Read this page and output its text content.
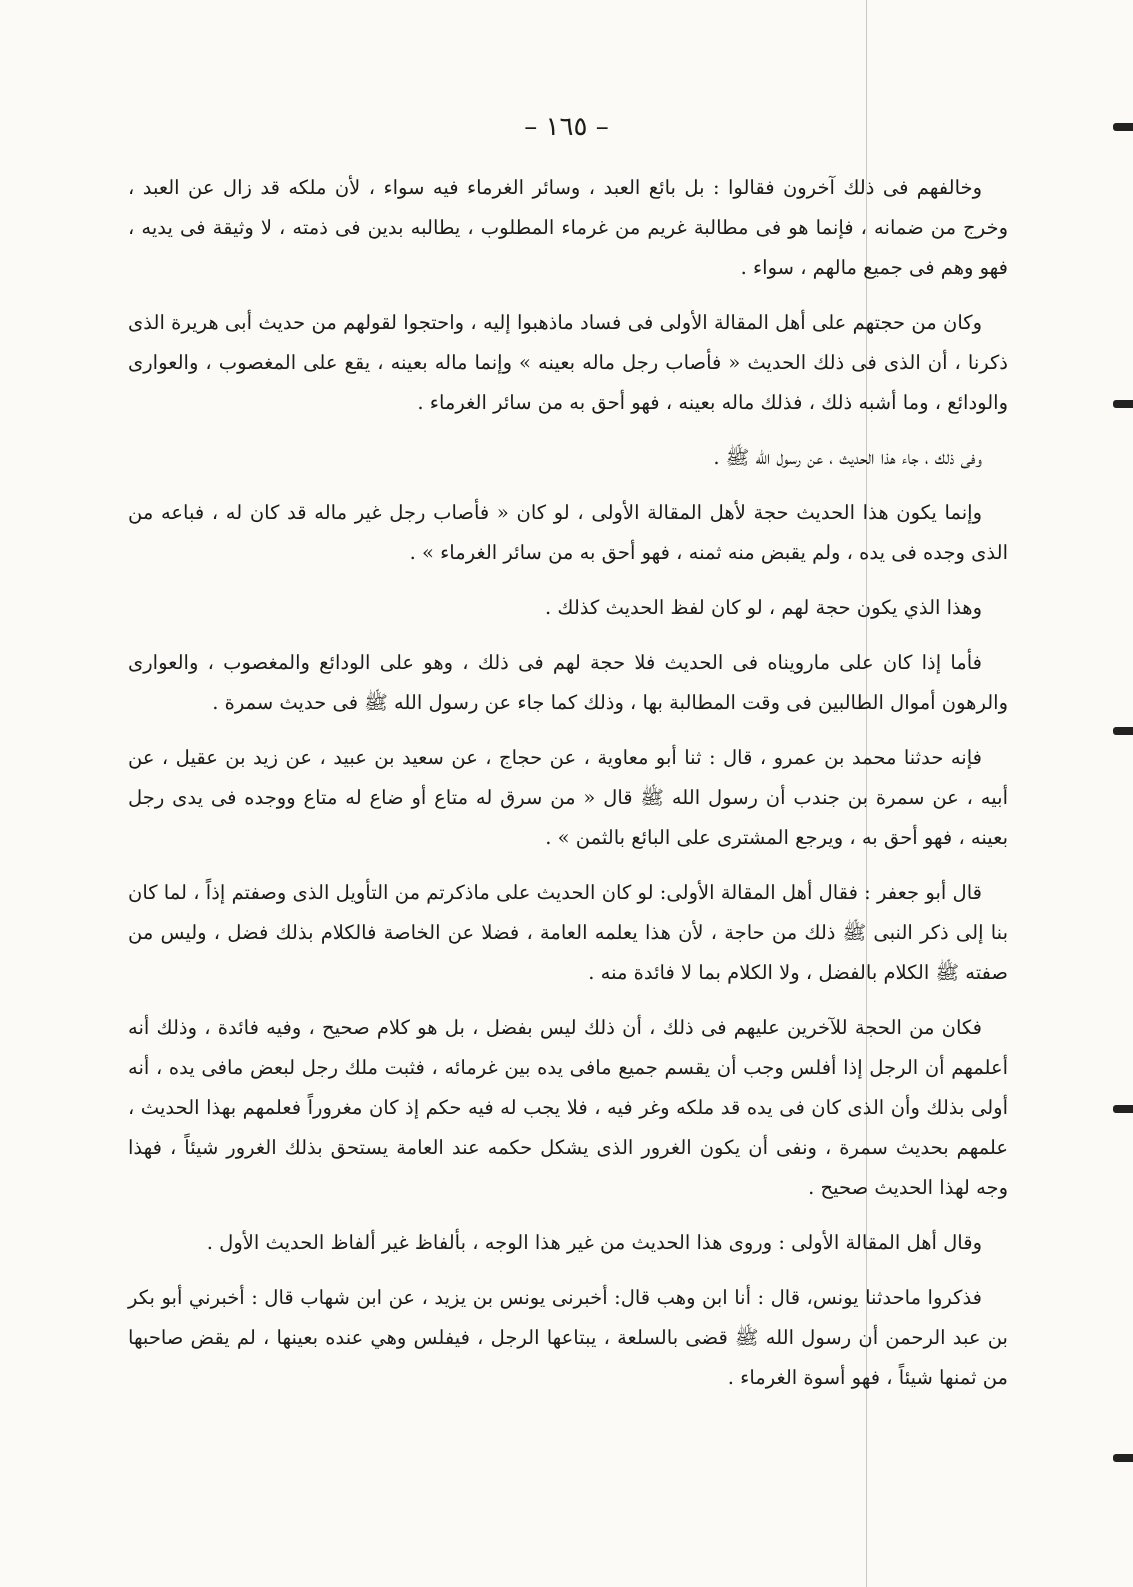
– ١٦٥ –

وخالفهم فى ذلك آخرون فقالوا : بل بائع العبد ، وسائر الغرماء فيه سواء ، لأن ملكه قد زال عن العبد ، وخرج من ضمانه ، فإنما هو فى مطالبة غريم من غرماء المطلوب ، يطالبه بدين فى ذمته ، لا وثيقة فى يديه ، فهو وهم فى جميع مالهم ، سواء .

وكان من حجتهم على أهل المقالة الأولى فى فساد ماذهبوا إليه ، واحتجوا لقولهم من حديث أبى هريرة الذى ذكرنا ، أن الذى فى ذلك الحديث « فأصاب رجل ماله بعينه » وإنما ماله بعينه ، يقع على المغصوب ، والعوارى والودائع ، وما أشبه ذلك ، فذلك ماله بعينه ، فهو أحق به من سائر الغرماء .

وفى ذلك ، جاء هذا الحديث ، عن رسول الله ﷺ .

وإنما يكون هذا الحديث حجة لأهل المقالة الأولى ، لو كان « فأصاب رجل غير ماله قد كان له ، فباعه من الذى وجده فى يده ، ولم يقبض منه ثمنه ، فهو أحق به من سائر الغرماء » .

وهذا الذي يكون حجة لهم ، لو كان لفظ الحديث كذلك .

فأما إذا كان على مارويناه فى الحديث فلا حجة لهم فى ذلك ، وهو على الودائع والمغصوب ، والعوارى والرهون أموال الطالبين فى وقت المطالبة بها ، وذلك كما جاء عن رسول الله ﷺ فى حديث سمرة .

فإنه حدثنا محمد بن عمرو ، قال : ثنا أبو معاوية ، عن حجاج ، عن سعيد بن عبيد ، عن زيد بن عقيل ، عن أبيه ، عن سمرة بن جندب أن رسول الله ﷺ قال « من سرق له متاع أو ضاع له متاع ووجده فى يدى رجل بعينه ، فهو أحق به ، ويرجع المشترى على البائع بالثمن » .

قال أبو جعفر : فقال أهل المقالة الأولى: لو كان الحديث على ماذكرتم من التأويل الذى وصفتم إذاً ، لما كان بنا إلى ذكر النبى ﷺ ذلك من حاجة ، لأن هذا يعلمه العامة ، فضلا عن الخاصة فالكلام بذلك فضل ، وليس من صفته ﷺ الكلام بالفضل ، ولا الكلام بما لا فائدة منه .

فكان من الحجة للآخرين عليهم فى ذلك ، أن ذلك ليس بفضل ، بل هو كلام صحيح ، وفيه فائدة ، وذلك أنه أعلمهم أن الرجل إذا أفلس وجب أن يقسم جميع مافى يده بين غرمائه ، فثبت ملك رجل لبعض مافى يده ، أنه أولى بذلك وأن الذى كان فى يده قد ملكه وغر فيه ، فلا يجب له فيه حكم إذ كان مغروراً فعلمهم بهذا الحديث ، علمهم بحديث سمرة ، ونفى أن يكون الغرور الذى يشكل حكمه عند العامة يستحق بذلك الغرور شيئاً ، فهذا وجه لهذا الحديث صحيح .

وقال أهل المقالة الأولى : وروى هذا الحديث من غير هذا الوجه ، بألفاظ غير ألفاظ الحديث الأول .

فذكروا ماحدثنا يونس، قال : أنا ابن وهب قال: أخبرنى يونس بن يزيد ، عن ابن شهاب قال : أخبرني أبو بكر بن عبد الرحمن أن رسول الله ﷺ قضى بالسلعة ، يبتاعها الرجل ، فيفلس وهي عنده بعينها ، لم يقض صاحبها من ثمنها شيئاً ، فهو أسوة الغرماء .
